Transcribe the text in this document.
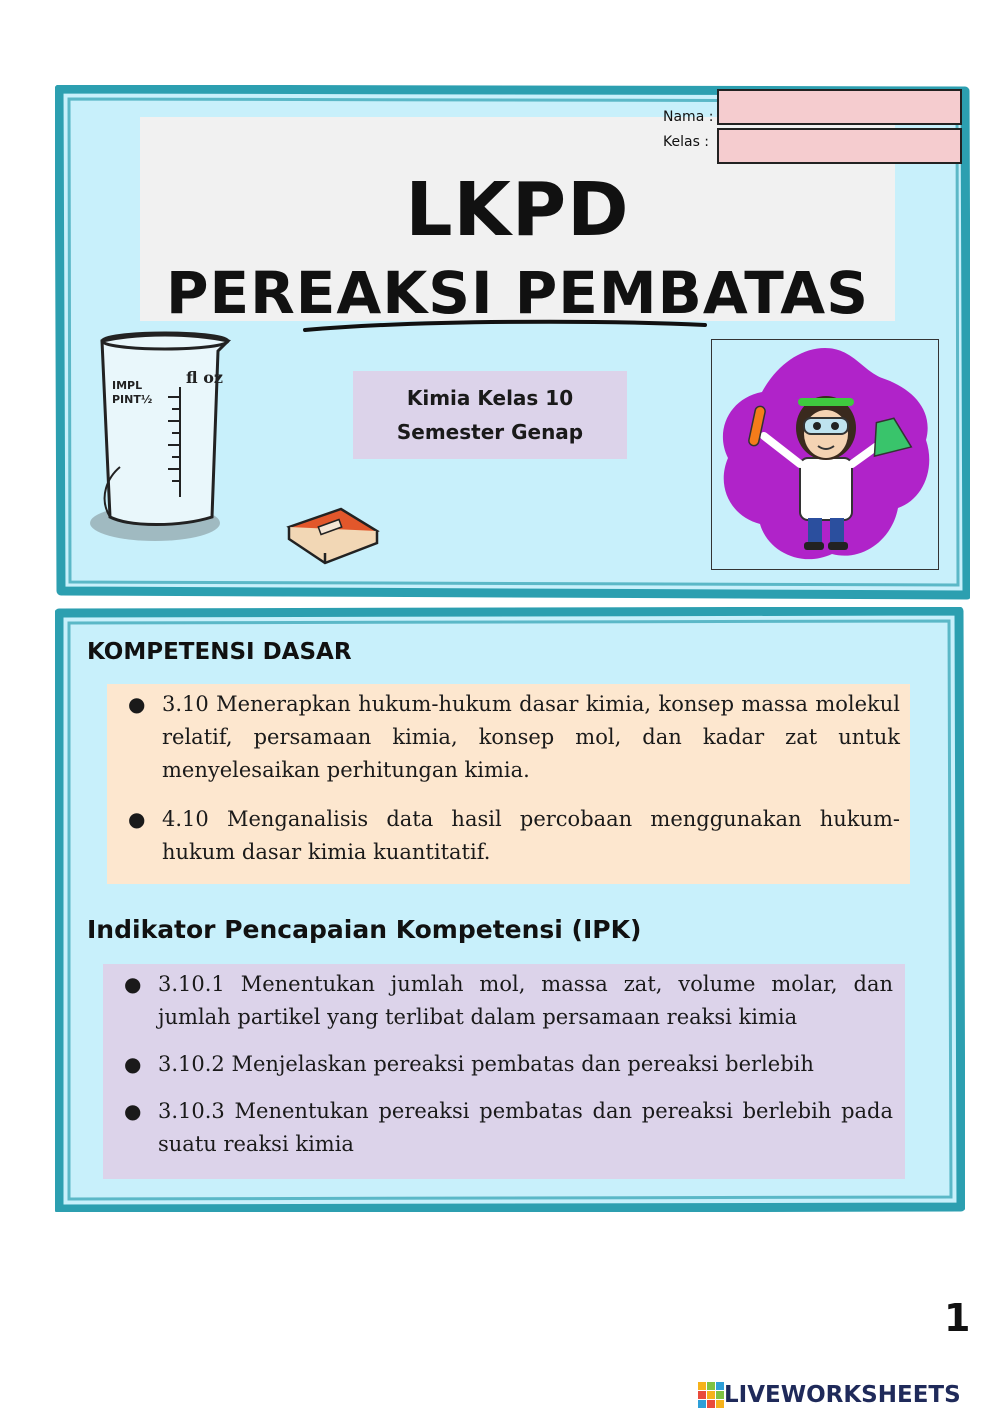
LKPD
PEREAKSI PEMBATAS
Nama :
Kelas :
IMPL
PINT½
fl oz
Kimia Kelas 10
Semester Genap
KOMPETENSI DASAR
● 3.10 Menerapkan hukum-hukum dasar kimia, konsep massa molekul relatif, persamaan kimia, konsep mol, dan kadar zat untuk menyelesaikan perhitungan kimia.
● 4.10 Menganalisis data hasil percobaan menggunakan hukum-hukum dasar kimia kuantitatif.
Indikator Pencapaian Kompetensi (IPK)
● 3.10.1 Menentukan jumlah mol, massa zat, volume molar, dan jumlah partikel yang terlibat dalam persamaan reaksi kimia
● 3.10.2 Menjelaskan pereaksi pembatas dan pereaksi berlebih
● 3.10.3 Menentukan pereaksi pembatas dan pereaksi berlebih pada suatu reaksi kimia
1
LIVEWORKSHEETS
